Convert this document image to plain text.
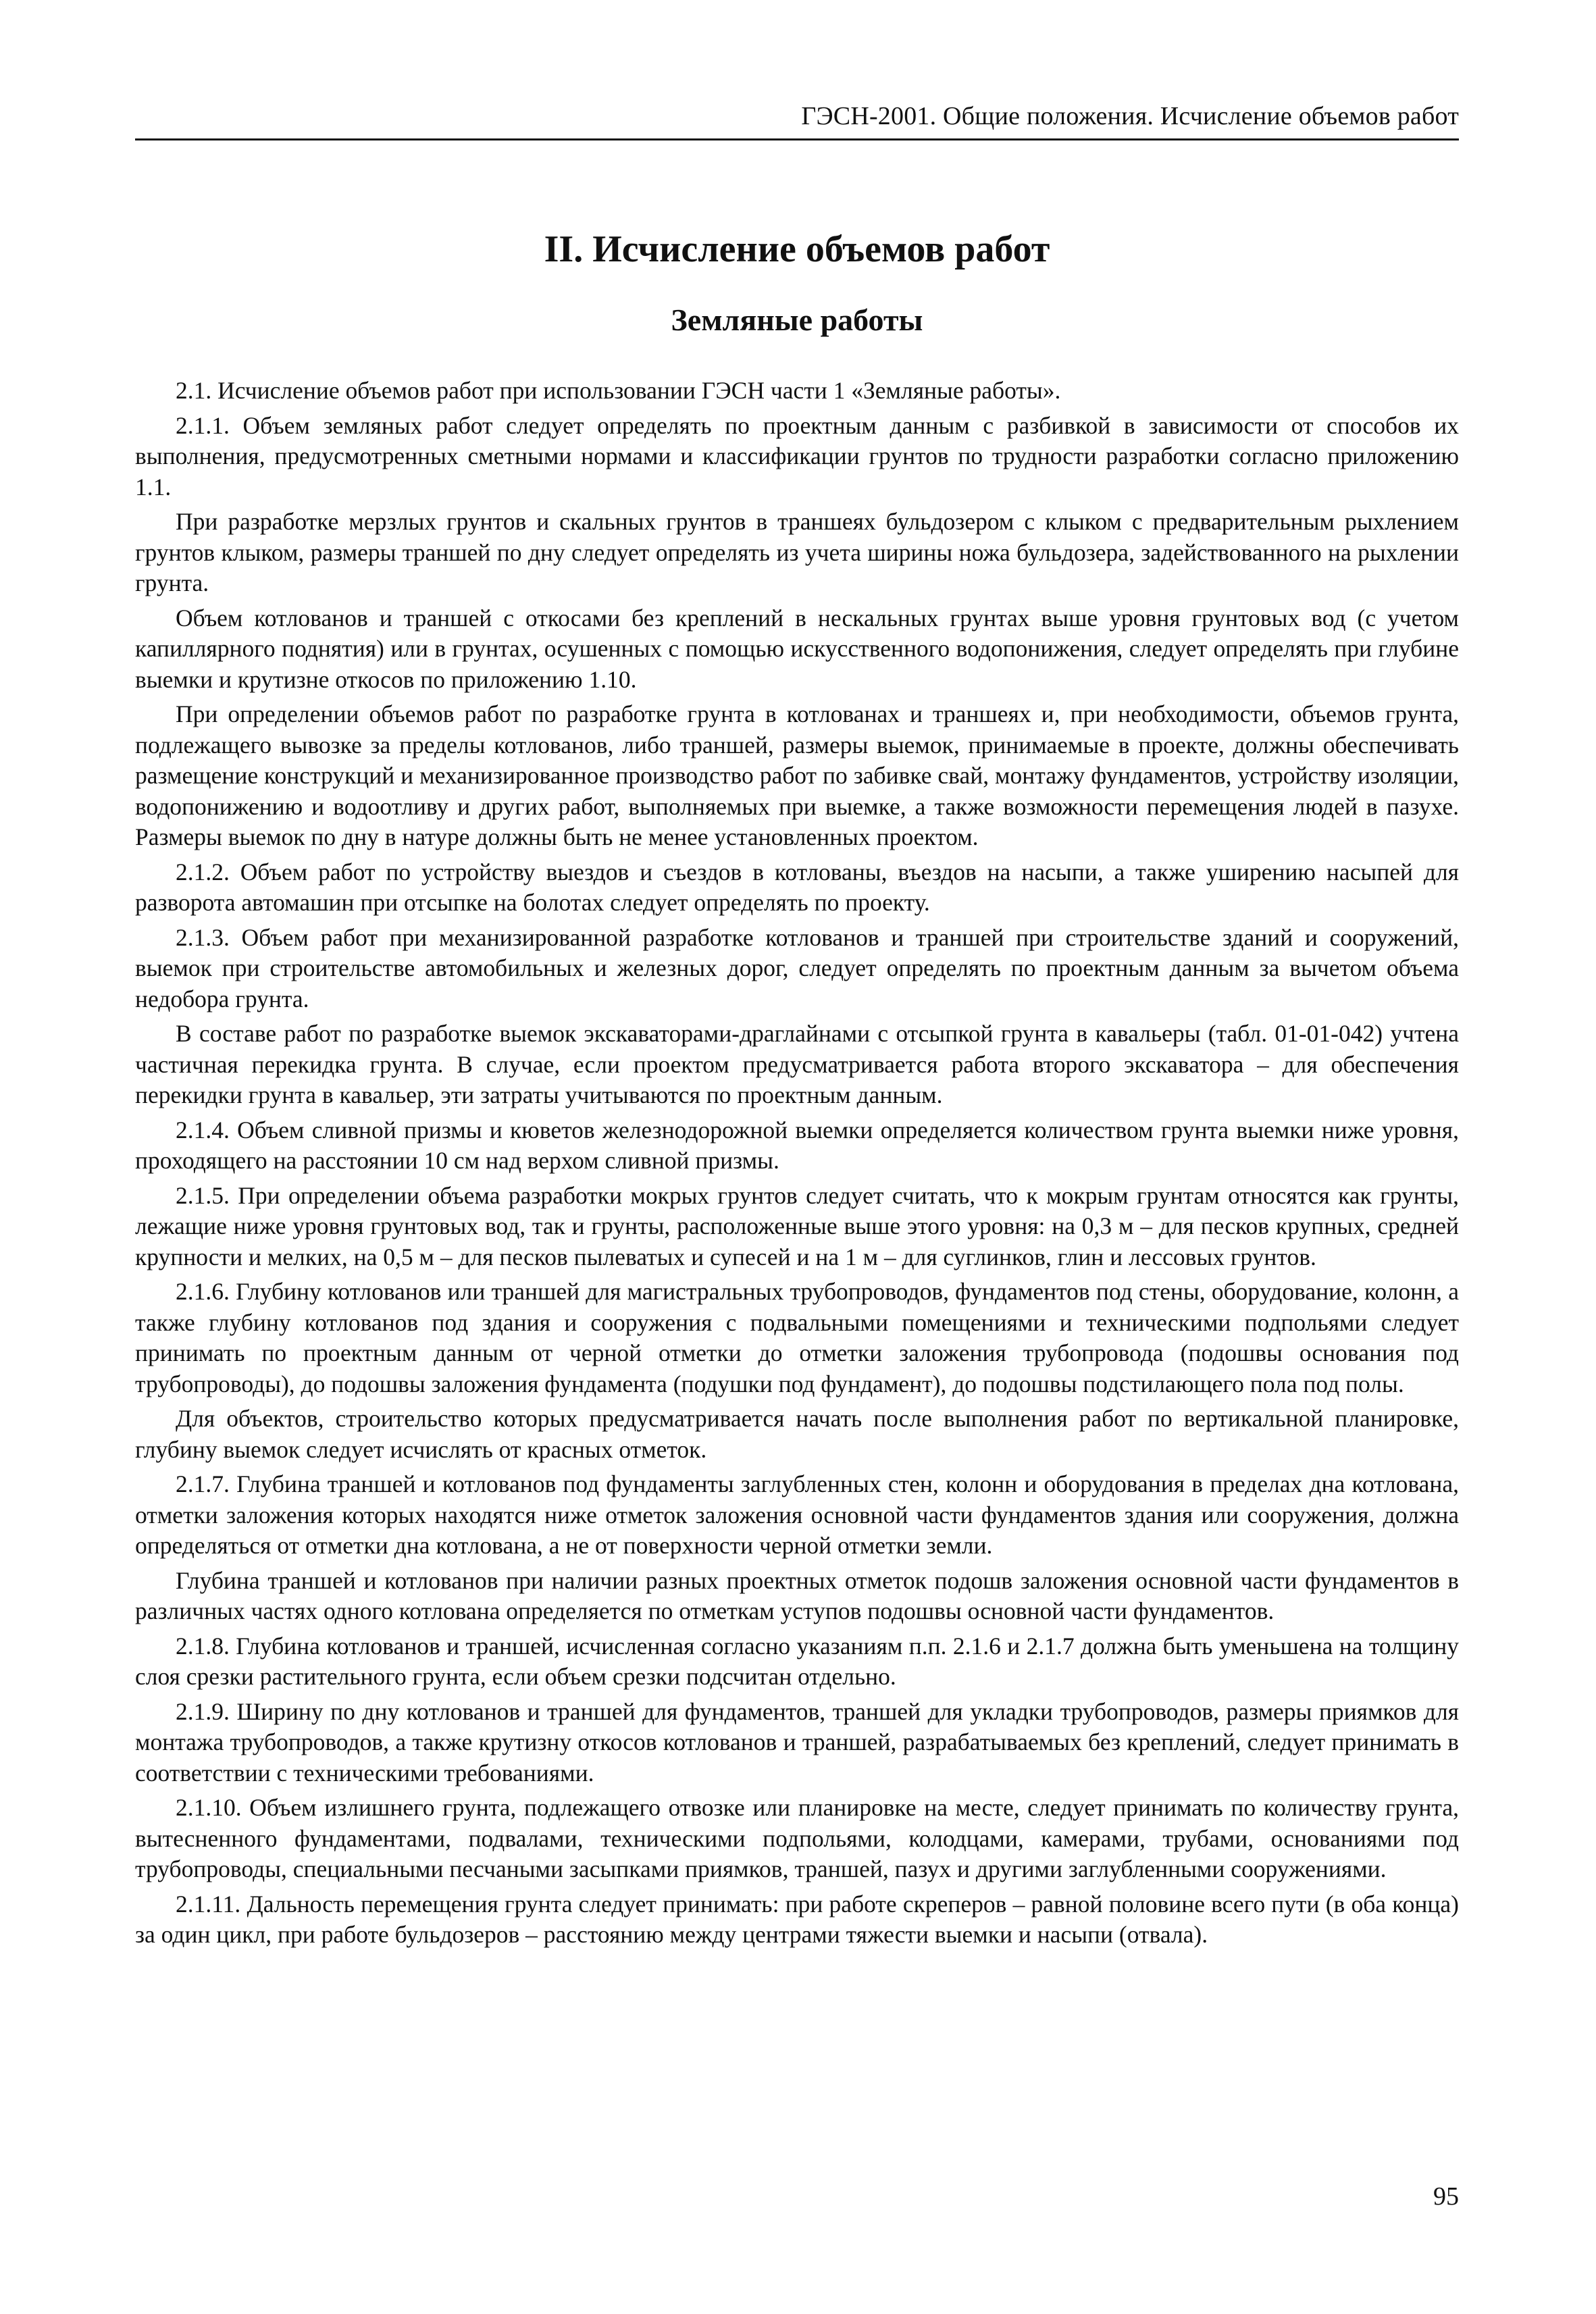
ГЭСН-2001. Общие положения. Исчисление объемов работ
II. Исчисление объемов работ
Земляные работы

2.1. Исчисление объемов работ при использовании ГЭСН части 1 «Земляные работы».

2.1.1. Объем земляных работ следует определять по проектным данным с разбивкой в зависимости от способов их выполнения, предусмотренных сметными нормами и классификации грунтов по трудности разработки согласно приложению 1.1.

При разработке мерзлых грунтов и скальных грунтов в траншеях бульдозером с клыком с предварительным рыхлением грунтов клыком, размеры траншей по дну следует определять из учета ширины ножа бульдозера, задействованного на рыхлении грунта.

Объем котлованов и траншей с откосами без креплений в нескальных грунтах выше уровня грунтовых вод (с учетом капиллярного поднятия) или в грунтах, осушенных с помощью искусственного водопонижения, следует определять при глубине выемки и крутизне откосов по приложению 1.10.

При определении объемов работ по разработке грунта в котлованах и траншеях и, при необходимости, объемов грунта, подлежащего вывозке за пределы котлованов, либо траншей, размеры выемок, принимаемые в проекте, должны обеспечивать размещение конструкций и механизированное производство работ по забивке свай, монтажу фундаментов, устройству изоляции, водопонижению и водоотливу и других работ, выполняемых при выемке, а также возможности перемещения людей в пазухе. Размеры выемок по дну в натуре должны быть не менее установленных проектом.

2.1.2. Объем работ по устройству выездов и съездов в котлованы, въездов на насыпи, а также уширению насыпей для разворота автомашин при отсыпке на болотах следует определять по проекту.

2.1.3. Объем работ при механизированной разработке котлованов и траншей при строительстве зданий и сооружений, выемок при строительстве автомобильных и железных дорог, следует определять по проектным данным за вычетом объема недобора грунта.

В составе работ по разработке выемок экскаваторами-драглайнами с отсыпкой грунта в кавальеры (табл. 01-01-042) учтена частичная перекидка грунта. В случае, если проектом предусматривается работа второго экскаватора – для обеспечения перекидки грунта в кавальер, эти затраты учитываются по проектным данным.

2.1.4. Объем сливной призмы и кюветов железнодорожной выемки определяется количеством грунта выемки ниже уровня, проходящего на расстоянии 10 см над верхом сливной призмы.

2.1.5. При определении объема разработки мокрых грунтов следует считать, что к мокрым грунтам относятся как грунты, лежащие ниже уровня грунтовых вод, так и грунты, расположенные выше этого уровня: на 0,3 м – для песков крупных, средней крупности и мелких, на 0,5 м – для песков пылеватых и супесей и на 1 м – для суглинков, глин и лессовых грунтов.

2.1.6. Глубину котлованов или траншей для магистральных трубопроводов, фундаментов под стены, оборудование, колонн, а также глубину котлованов под здания и сооружения с подвальными помещениями и техническими подпольями следует принимать по проектным данным от черной отметки до отметки заложения трубопровода (подошвы основания под трубопроводы), до подошвы заложения фундамента (подушки под фундамент), до подошвы подстилающего пола под полы.

Для объектов, строительство которых предусматривается начать после выполнения работ по вертикальной планировке, глубину выемок следует исчислять от красных отметок.

2.1.7. Глубина траншей и котлованов под фундаменты заглубленных стен, колонн и оборудования в пределах дна котлована, отметки заложения которых находятся ниже отметок заложения основной части фундаментов здания или сооружения, должна определяться от отметки дна котлована, а не от поверхности черной отметки земли.

Глубина траншей и котлованов при наличии разных проектных отметок подошв заложения основной части фундаментов в различных частях одного котлована определяется по отметкам уступов подошвы основной части фундаментов.

2.1.8. Глубина котлованов и траншей, исчисленная согласно указаниям п.п. 2.1.6 и 2.1.7 должна быть уменьшена на толщину слоя срезки растительного грунта, если объем срезки подсчитан отдельно.

2.1.9. Ширину по дну котлованов и траншей для фундаментов, траншей для укладки трубопроводов, размеры приямков для монтажа трубопроводов, а также крутизну откосов котлованов и траншей, разрабатываемых без креплений, следует принимать в соответствии с техническими требованиями.

2.1.10. Объем излишнего грунта, подлежащего отвозке или планировке на месте, следует принимать по количеству грунта, вытесненного фундаментами, подвалами, техническими подпольями, колодцами, камерами, трубами, основаниями под трубопроводы, специальными песчаными засыпками приямков, траншей, пазух и другими заглубленными сооружениями.

2.1.11. Дальность перемещения грунта следует принимать: при работе скреперов – равной половине всего пути (в оба конца) за один цикл, при работе бульдозеров – расстоянию между центрами тяжести выемки и насыпи (отвала).

95
